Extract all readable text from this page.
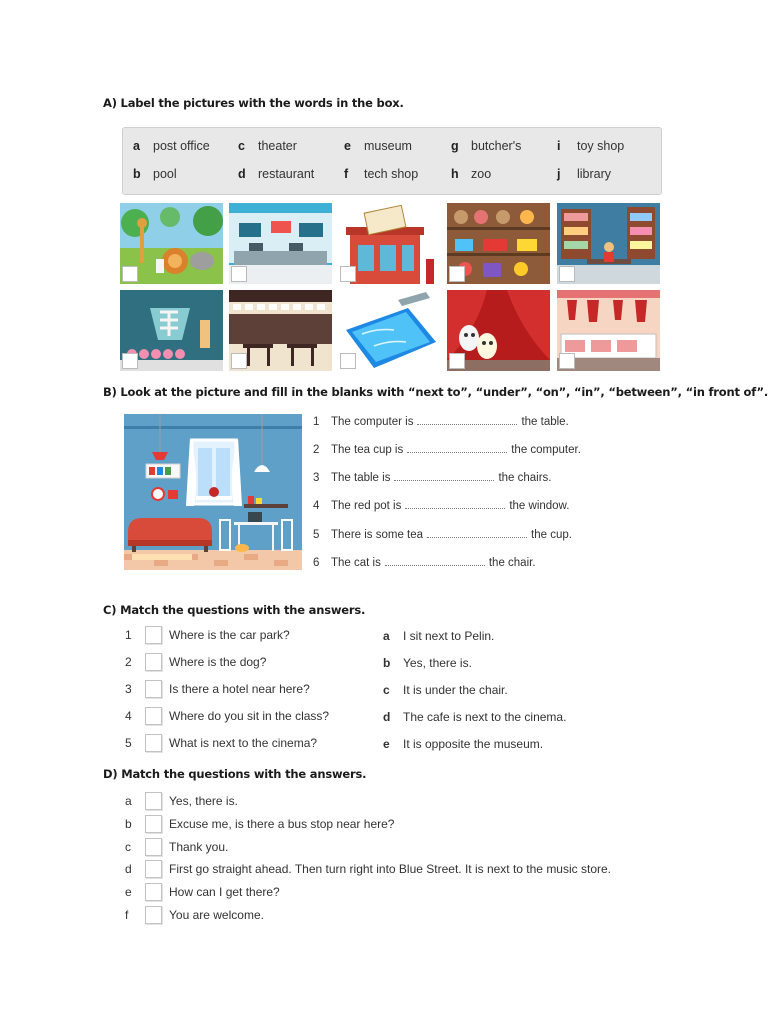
A) Label the pictures with the words in the box.
a post office
b pool
c theater
d restaurant
e museum
f tech shop
g butcher's
h zoo
i toy shop
j library
B) Look at the picture and fill in the blanks with “next to”, “under”, “on”, “in”, “between”, “in front of”.
1 The computer is	the table.
2 The tea cup is	the computer.
3 The table is	the chairs.
4 The red pot is	the window.
5 There is some tea	the cup.
6 The cat is	the chair.
C) Match the questions with the answers.
1	Where is the car park?
2	Where is the dog?
3	Is there a hotel near here?
4	Where do you sit in the class?
5	What is next to the cinema?
a I sit next to Pelin.
b Yes, there is.
c It is under the chair.
d The cafe is next to the cinema.
e It is opposite the museum.
D) Match the questions with the answers.
a	Yes, there is.
b	Excuse me, is there a bus stop near here?
c	Thank you.
d	First go straight ahead. Then turn right into Blue Street. It is next to the music store.
e	How can I get there?
f	You are welcome.
